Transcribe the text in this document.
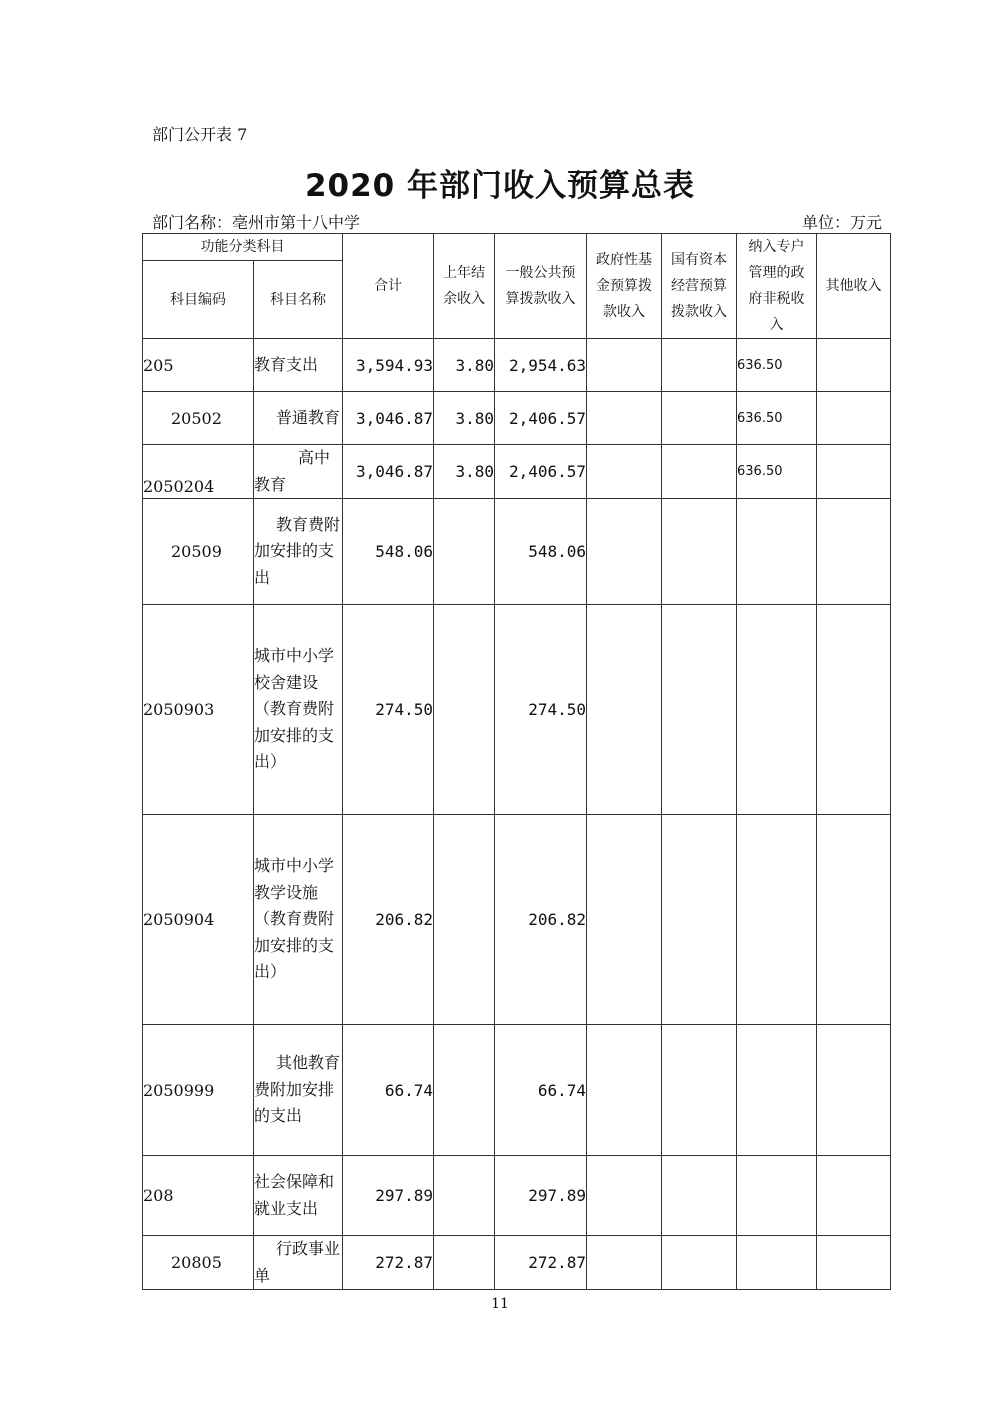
部门公开表 7
2020 年部门收入预算总表
部门名称：亳州市第十八中学	单位：万元
功能分类科目		合计	上年结余收入	一般公共预算拨款收入	政府性基金预算拨款收入	国有资本经营预算拨款收入	纳入专户管理的政府非税收入	其他收入
科目编码	科目名称							
205	教育支出	3,594.93	3.80	2,954.63			636.50	
20502	普通教育	3,046.87	3.80	2,406.57			636.50	
2050204	高中教育	3,046.87	3.80	2,406.57			636.50	
20509	教育费附加安排的支出	548.06		548.06				
2050903	城市中小学校舍建设（教育费附加安排的支出）	274.50		274.50				
2050904	城市中小学教学设施（教育费附加安排的支出）	206.82		206.82				
2050999	其他教育费附加安排的支出	66.74		66.74				
208	社会保障和就业支出	297.89		297.89				
20805	行政事业单	272.87		272.87				
11
